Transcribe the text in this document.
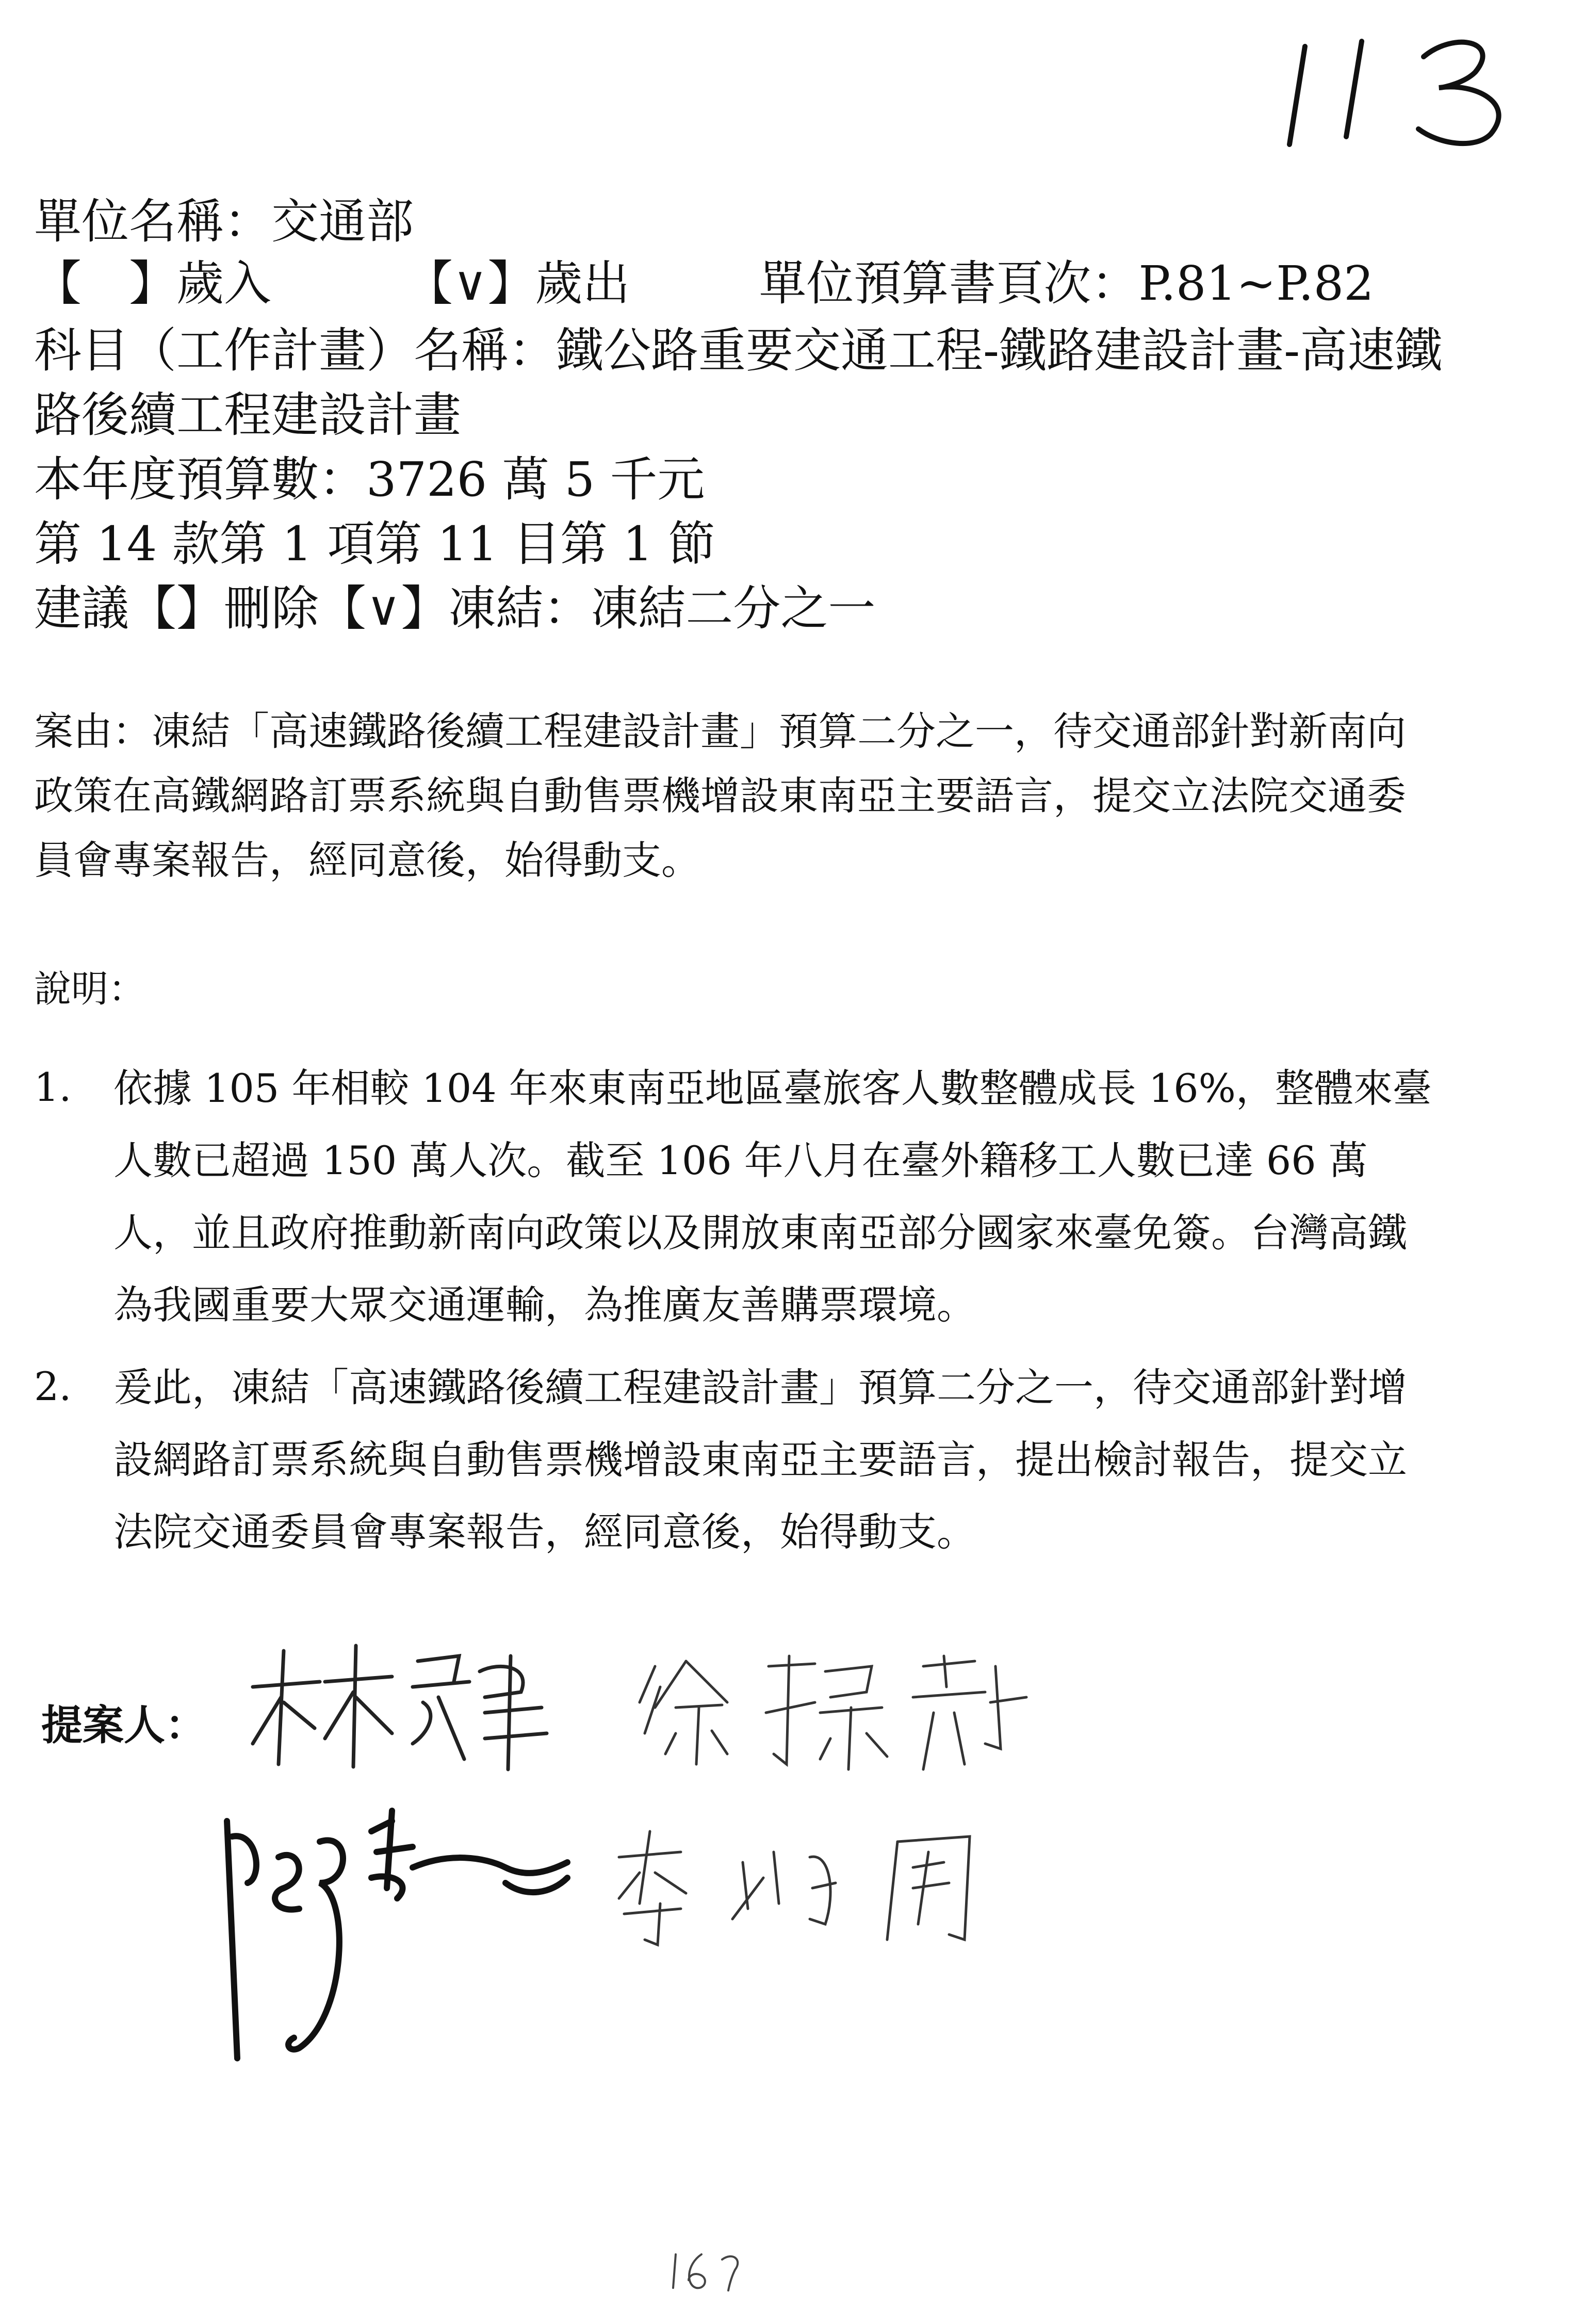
單位名稱：交通部
【　】歲入	【∨】歲出	單位預算書頁次：P.81~P.82
科目（工作計畫）名稱：鐵公路重要交通工程-鐵路建設計畫-高速鐵
路後續工程建設計畫
本年度預算數：3726 萬 5 千元
第 14 款第 1 項第 11 目第 1 節
建議【】刪除【∨】凍結：凍結二分之一
案由：凍結「高速鐵路後續工程建設計畫」預算二分之一，待交通部針對新南向政策在高鐵網路訂票系統與自動售票機增設東南亞主要語言，提交立法院交通委員會專案報告，經同意後，始得動支。
說明：
1. 依據 105 年相較 104 年來東南亞地區臺旅客人數整體成長 16%，整體來臺人數已超過 150 萬人次。截至 106 年八月在臺外籍移工人數已達 66 萬人，並且政府推動新南向政策以及開放東南亞部分國家來臺免簽。台灣高鐵為我國重要大眾交通運輸，為推廣友善購票環境。
2. 爰此，凍結「高速鐵路後續工程建設計畫」預算二分之一，待交通部針對增設網路訂票系統與自動售票機增設東南亞主要語言，提出檢討報告，提交立法院交通委員會專案報告，經同意後，始得動支。
提案人：
